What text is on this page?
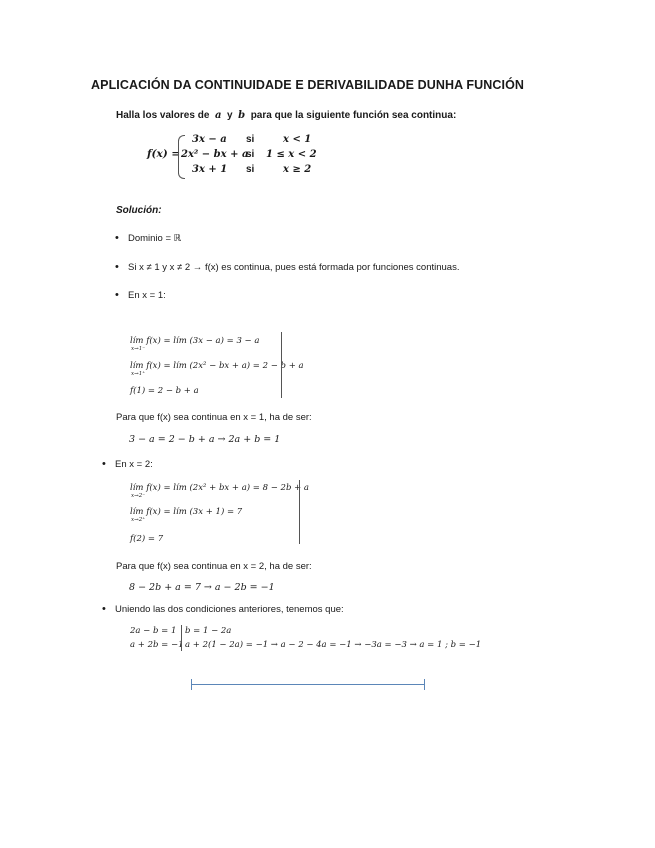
APLICACIÓN DA CONTINUIDADE E DERIVABILIDADE DUNHA FUNCIÓN
Halla los valores de a y b para que la siguiente función sea continua:
f(x) =
3x − a si	x < 1
2x² − bx + a
si 1 ≤ x < 2
3x + 1 si	x ≥ 2
Solución:
• Dominio = ℝ
• Si x ≠ 1 y x ≠ 2 → f(x) es continua, pues está formada por funciones continuas.
• En x = 1:
lím f(x) = lím (3x − a) = 3 − a
x→1⁻
lím f(x) = lím (2x² − bx + a) = 2 − b + a
x→1⁺
f(1) = 2 − b + a
Para que f(x) sea continua en x = 1, ha de ser:
3 − a = 2 − b + a → 2a + b = 1
• En x = 2:
lím f(x) = lím (2x² + bx + a) = 8 − 2b + a
x→2⁻
lím f(x) = lím (3x + 1) = 7
x→2⁺
f(2) = 7
Para que f(x) sea continua en x = 2, ha de ser:
8 − 2b + a = 7 → a − 2b = −1
• Uniendo las dos condiciones anteriores, tenemos que:
2a − b = 1
a + 2b = −1
b = 1 − 2a
a + 2(1 − 2a) = −1 → a − 2 − 4a = −1 → −3a = −3 → a = 1 ; b = −1
